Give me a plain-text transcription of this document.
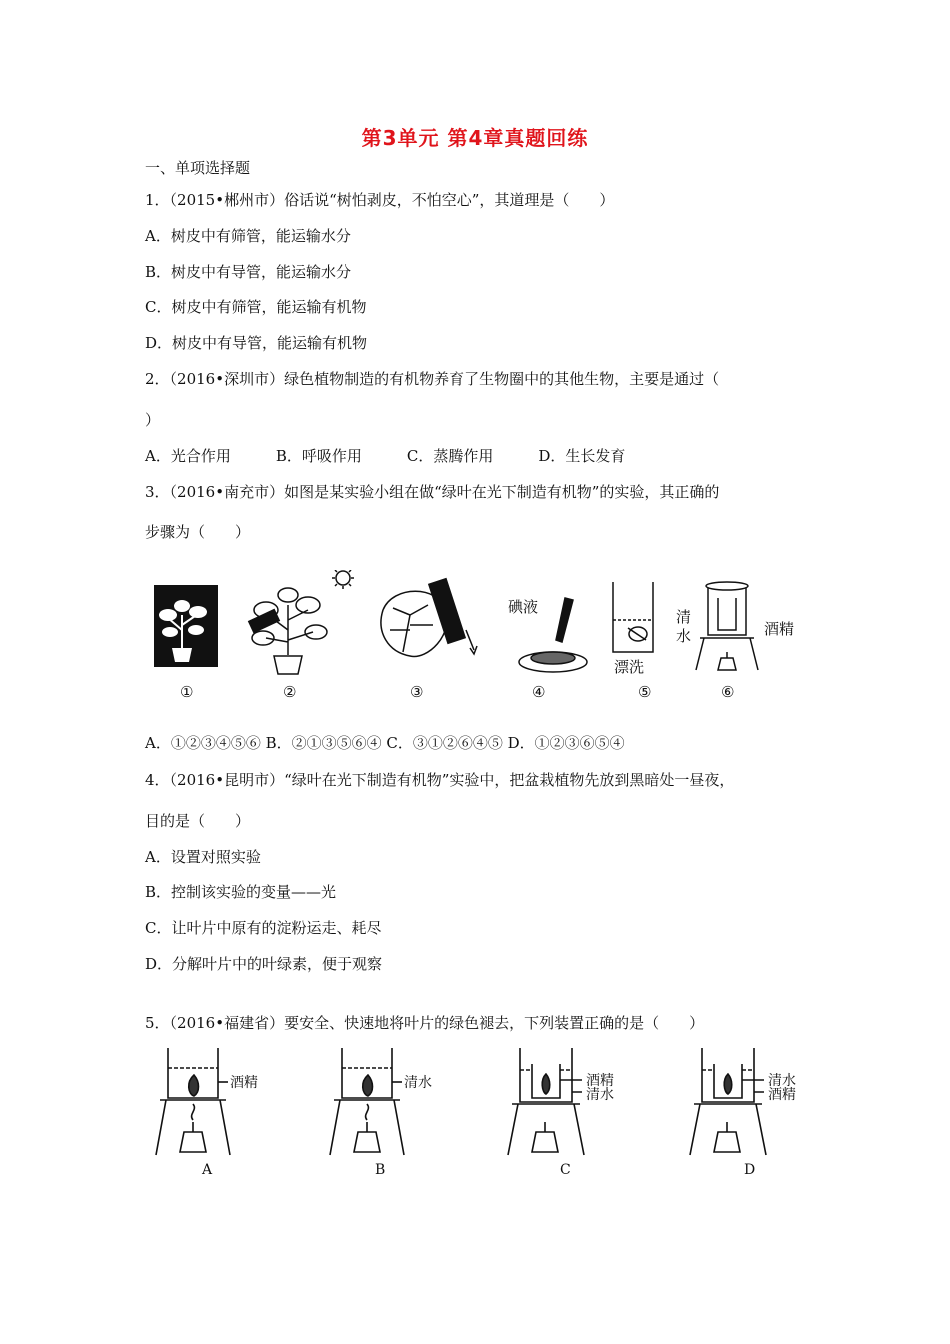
第3单元 第4章真题回练
一、单项选择题
1．（2015•郴州市）俗话说“树怕剥皮，不怕空心”，其道理是（　　）
A．树皮中有筛管，能运输水分
B．树皮中有导管，能运输水分
C．树皮中有筛管，能运输有机物
D．树皮中有导管，能运输有机物
2．（2016•深圳市）绿色植物制造的有机物养育了生物圈中的其他生物，主要是通过（
）
A．光合作用　　　B．呼吸作用　　　C．蒸腾作用　　　D．生长发育
3．（2016•南充市）如图是某实验小组在做“绿叶在光下制造有机物”的实验，其正确的
步骤为（　　）
碘液
漂洗
清水	酒精
①	②	③	④	⑤	⑥
A．①②③④⑤⑥ B．②①③⑤⑥④ C．③①②⑥④⑤ D．①②③⑥⑤④
4．（2016•昆明市）“绿叶在光下制造有机物”实验中，把盆栽植物先放到黑暗处一昼夜，
目的是（　　）
A．设置对照实验
B．控制该实验的变量——光
C．让叶片中原有的淀粉运走、耗尽
D．分解叶片中的叶绿素，便于观察
5．（2016•福建省）要安全、快速地将叶片的绿色褪去，下列装置正确的是（　　）
酒精	清水	酒精
清水
清水
酒精
A	B	C	D
